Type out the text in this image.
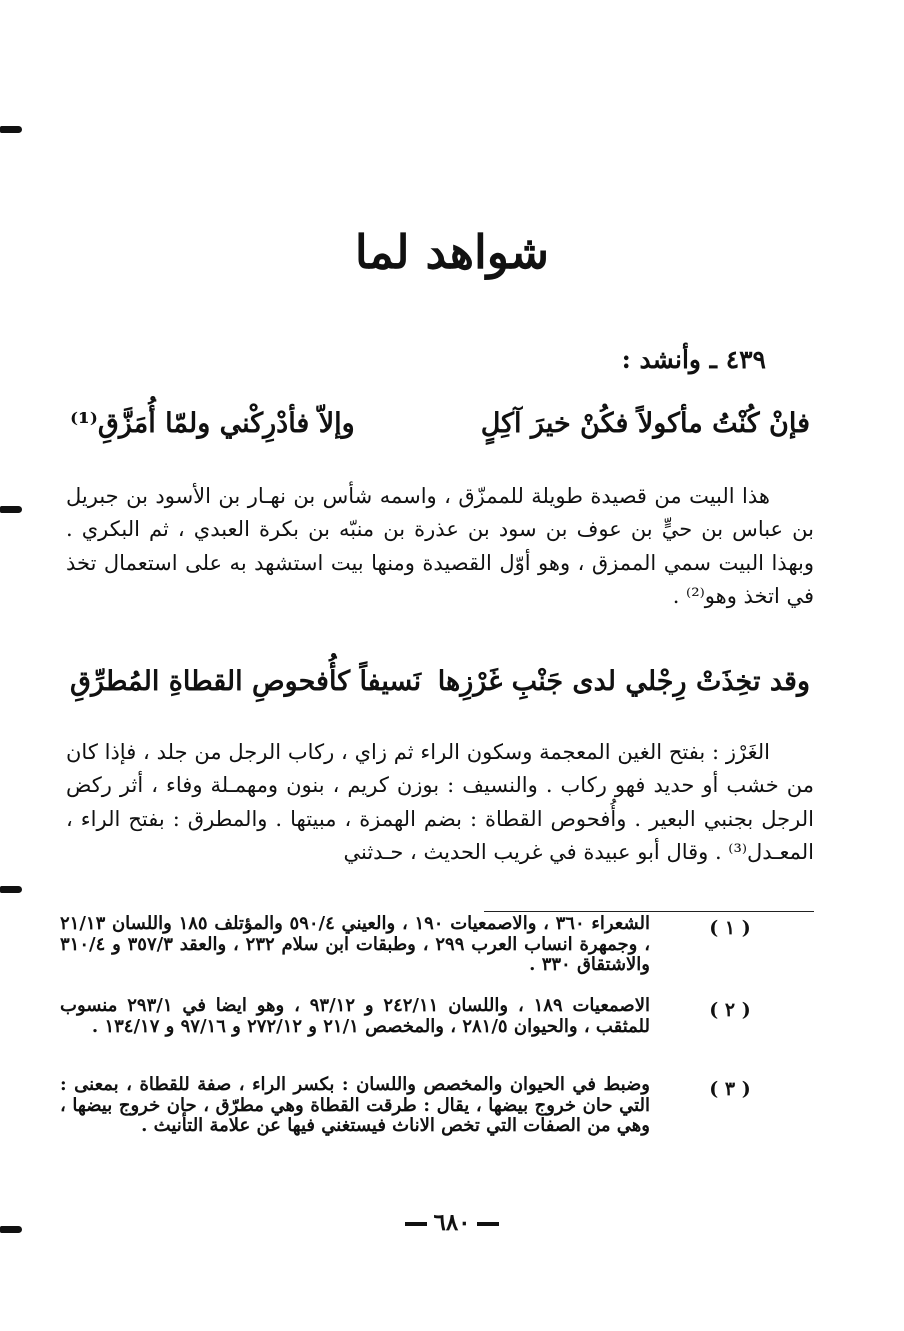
شواهد لما
٤٣٩ ـ وأنشد :
فإنْ كُنْتُ مأكولاً فكُنْ خيرَ آكِلٍ
وإلاّ فأدْرِكْني ولمّا أُمَزَّقِ⁽¹⁾

هذا البيت من قصيدة طويلة للممزّق ، واسمه شأس بن نهـار بن الأسود بن جبريل بن عباس بن حيٍّ بن عوف بن سود بن عذرة بن منبّه بن بكرة العبدي ، ثم البكري . وبهذا البيت سمي الممزق ، وهو أوّل القصيدة ومنها بيت استشهد به على استعمال تخذ في اتخذ وهو⁽²⁾ .

وقد تخِذَتْ رِجْلي لدى جَنْبِ غَرْزِها
نَسيفاً كأُفحوصِ القطاةِ المُطرِّقِ

الغَرْز : بفتح الغين المعجمة وسكون الراء ثم زاي ، ركاب الرجل من جلد ، فإذا كان من خشب أو حديد فهو ركاب . والنسيف : بوزن كريم ، بنون ومهمـلة وفاء ، أثر ركض الرجل بجنبي البعير . وأُفحوص القطاة : بضم الهمزة ، مبيتها . والمطرق : بفتح الراء ، المعـدل⁽³⁾ . وقال أبو عبيدة في غريب الحديث ، حـدثني

( ١ )
الشعراء ٣٦٠ ، والاصمعيات ١٩٠ ، والعيني ٥٩٠/٤ والمؤتلف ١٨٥ واللسان ٢١/١٣ ، وجمهرة انساب العرب ٢٩٩ ، وطبقات ابن سلام ٢٣٢ ، والعقد ٣٥٧/٣ و ٣١٠/٤ والاشتقاق ٣٣٠ .
( ٢ )
الاصمعيات ١٨٩ ، واللسان ٢٤٢/١١ و ٩٣/١٢ ، وهو ايضا في ٢٩٣/١ منسوب للمثقب ، والحيوان ٢٨١/٥ ، والمخصص ٢١/١ و ٢٧٢/١٢ و ٩٧/١٦ و ١٣٤/١٧ .
( ٣ )
وضبط في الحيوان والمخصص واللسان : بكسر الراء ، صفة للقطاة ، بمعنى : التي حان خروج بيضها ، يقال : طرقت القطاة وهي مطرّق ، حان خروج بيضها ، وهي من الصفات التي تخص الاناث فيستغني فيها عن علامة التأنيث .
٦٨٠
